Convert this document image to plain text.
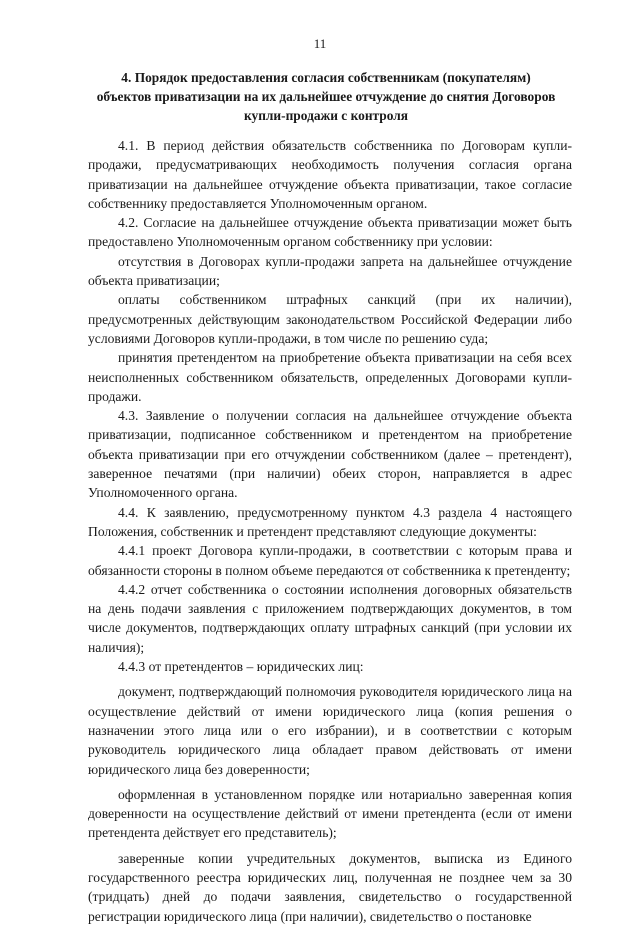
11
4. Порядок предоставления согласия собственникам (покупателям) объектов приватизации на их дальнейшее отчуждение до снятия Договоров купли-продажи с контроля

4.1. В период действия обязательств собственника по Договорам купли-продажи, предусматривающих необходимость получения согласия органа приватизации на дальнейшее отчуждение объекта приватизации, такое согласие собственнику предоставляется Уполномоченным органом.

4.2. Согласие на дальнейшее отчуждение объекта приватизации может быть предоставлено Уполномоченным органом собственнику при условии:

отсутствия в Договорах купли-продажи запрета на дальнейшее отчуждение объекта приватизации;

оплаты собственником штрафных санкций (при их наличии), предусмотренных действующим законодательством Российской Федерации либо условиями Договоров купли-продажи, в том числе по решению суда;

принятия претендентом на приобретение объекта приватизации на себя всех неисполненных собственником обязательств, определенных Договорами купли-продажи.

4.3. Заявление о получении согласия на дальнейшее отчуждение объекта приватизации, подписанное собственником и претендентом на приобретение объекта приватизации при его отчуждении собственником (далее – претендент), заверенное печатями (при наличии) обеих сторон, направляется в адрес Уполномоченного органа.

4.4. К заявлению, предусмотренному пунктом 4.3 раздела 4 настоящего Положения, собственник и претендент представляют следующие документы:

4.4.1 проект Договора купли-продажи, в соответствии с которым права и обязанности стороны в полном объеме передаются от собственника к претенденту;

4.4.2 отчет собственника о состоянии исполнения договорных обязательств на день подачи заявления с приложением подтверждающих документов, в том числе документов, подтверждающих оплату штрафных санкций (при условии их наличия);

4.4.3 от претендентов – юридических лиц:

документ, подтверждающий полномочия руководителя юридического лица на осуществление действий от имени юридического лица (копия решения о назначении этого лица или о его избрании), и в соответствии с которым руководитель юридического лица обладает правом действовать от имени юридического лица без доверенности;

оформленная в установленном порядке или нотариально заверенная копия доверенности на осуществление действий от имени претендента (если от имени претендента действует его представитель);

заверенные копии учредительных документов, выписка из Единого государственного реестра юридических лиц, полученная не позднее чем за 30 (тридцать) дней до подачи заявления, свидетельство о государственной регистрации юридического лица (при наличии), свидетельство о постановке
